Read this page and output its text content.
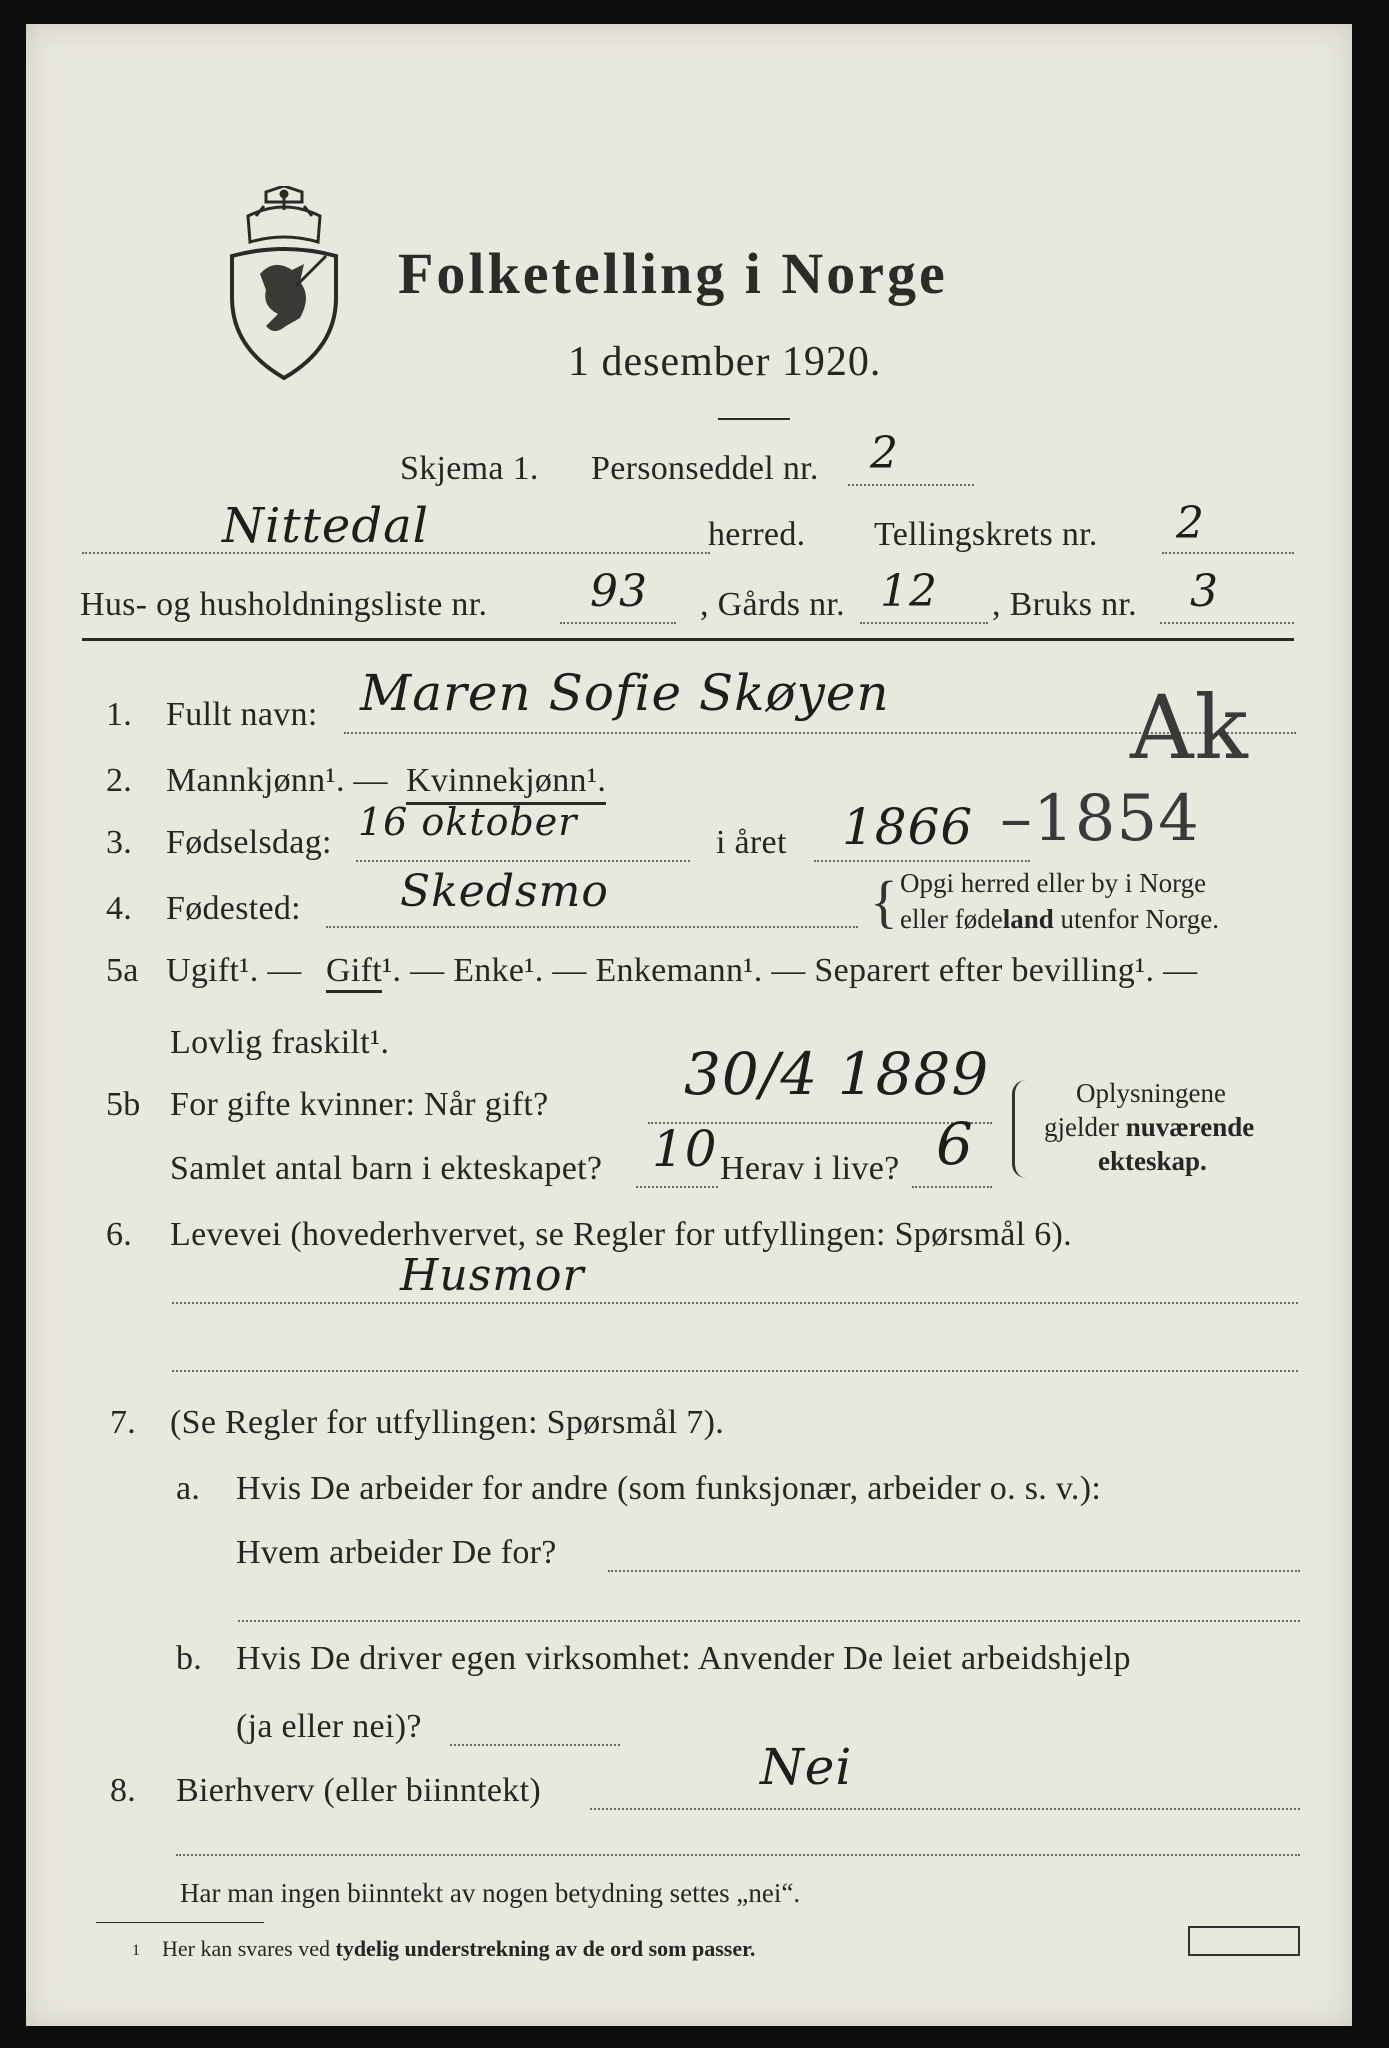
Folketelling i Norge
1 desember 1920.
Skjema 1. Personseddel nr. 2
Nittedal	herred. Tellingskrets nr. 2
Hus- og husholdningsliste nr. 93 , Gårds nr. 12 , Bruks nr. 3
1. Fullt navn: Maren Sofie Skøyen	Ak
2. Mannkjønn¹. — Kvinnekjønn¹.
3. Fødselsdag: 16 oktober	i året 1866 –1854
4. Fødested: Skedsmo	{ Opgi herred eller by i Norge
eller fødeland utenfor Norge.
5a Ugift¹. — Gift ¹. — Enke¹. — Enkemann¹. — Separert efter bevilling¹. —
Lovlig fraskilt¹.
5b For gifte kvinner: Når gift? 30/4 1889
Samlet antal barn i ekteskapet? 10 Herav i live? 6
Oplysningene
gjelder nuværende
ekteskap.
6. Levevei (hovederhvervet, se Regler for utfyllingen: Spørsmål 6).
Husmor
7. (Se Regler for utfyllingen: Spørsmål 7).
a. Hvis De arbeider for andre (som funksjonær, arbeider o. s. v.):
Hvem arbeider De for?
b. Hvis De driver egen virksomhet: Anvender De leiet arbeidshjelp
(ja eller nei)?
8. Bierhverv (eller biinntekt)	Nei
Har man ingen biinntekt av nogen betydning settes „nei“.
1 Her kan svares ved tydelig understrekning av de ord som passer.
